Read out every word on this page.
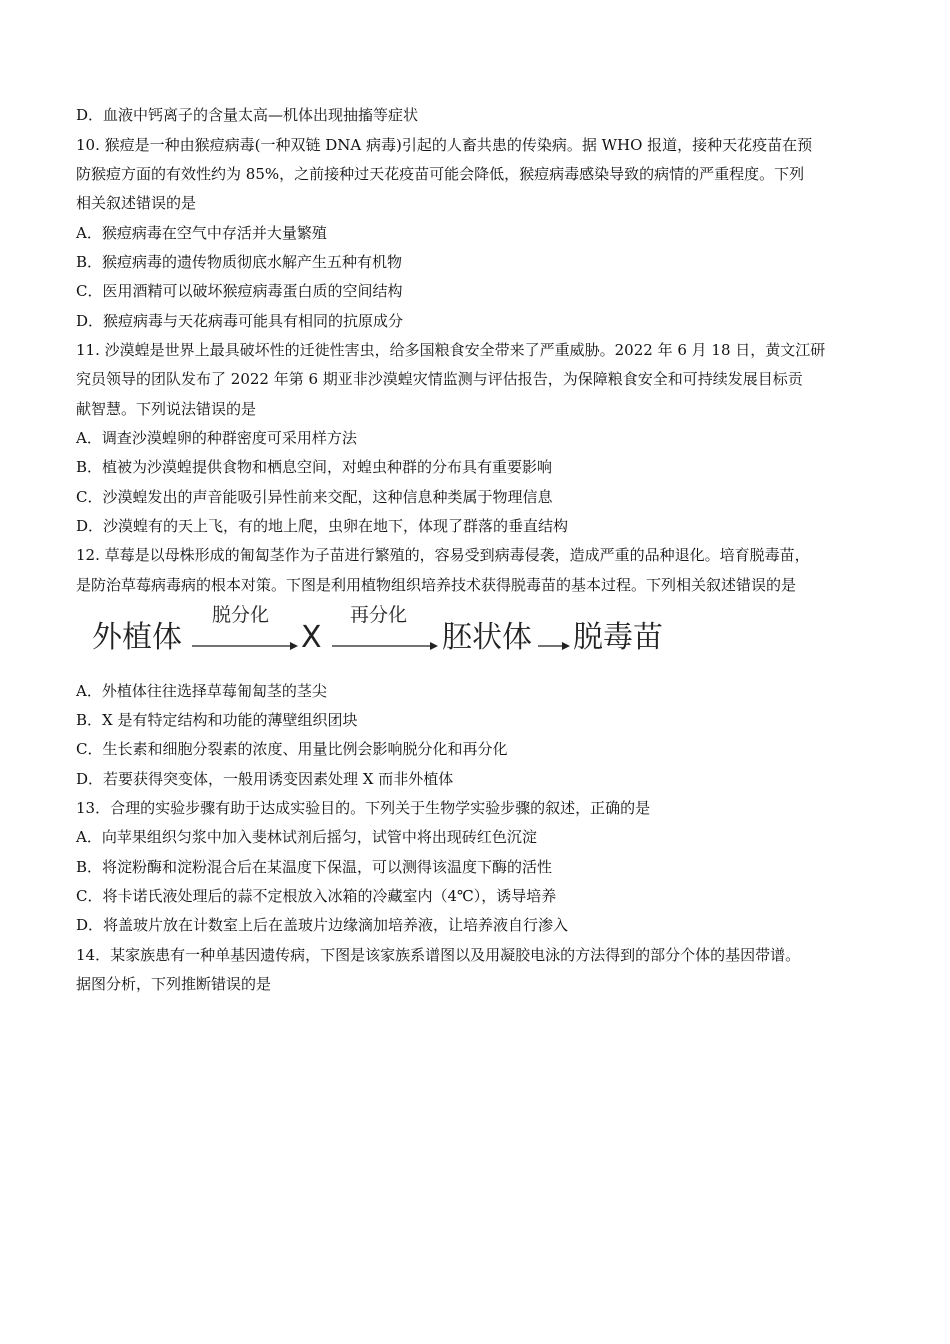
D．血液中钙离子的含量太高—机体出现抽搐等症状
10. 猴痘是一种由猴痘病毒(一种双链 DNA 病毒)引起的人畜共患的传染病。据 WHO 报道，接种天花疫苗在预
防猴痘方面的有效性约为 85%，之前接种过天花疫苗可能会降低，猴痘病毒感染导致的病情的严重程度。下列
相关叙述错误的是
A．猴痘病毒在空气中存活并大量繁殖
B．猴痘病毒的遗传物质彻底水解产生五种有机物
C．医用酒精可以破坏猴痘病毒蛋白质的空间结构
D．猴痘病毒与天花病毒可能具有相同的抗原成分
11. 沙漠蝗是世界上最具破坏性的迁徙性害虫，给多国粮食安全带来了严重威胁。2022 年 6 月 18 日，黄文江研
究员领导的团队发布了 2022 年第 6 期亚非沙漠蝗灾情监测与评估报告，为保障粮食安全和可持续发展目标贡
献智慧。下列说法错误的是
A．调查沙漠蝗卵的种群密度可采用样方法
B．植被为沙漠蝗提供食物和栖息空间，对蝗虫种群的分布具有重要影响
C．沙漠蝗发出的声音能吸引异性前来交配，这种信息种类属于物理信息
D．沙漠蝗有的天上飞，有的地上爬，虫卵在地下，体现了群落的垂直结构
12. 草莓是以母株形成的匍匐茎作为子苗进行繁殖的，容易受到病毒侵袭，造成严重的品种退化。培育脱毒苗，
是防治草莓病毒病的根本对策。下图是利用植物组织培养技术获得脱毒苗的基本过程。下列相关叙述错误的是
外植体
脱分化
X
再分化
胚状体 脱毒苗
A．外植体往往选择草莓匍匐茎的茎尖
B．X 是有特定结构和功能的薄壁组织团块
C．生长素和细胞分裂素的浓度、用量比例会影响脱分化和再分化
D．若要获得突变体，一般用诱变因素处理 X 而非外植体
13．合理的实验步骤有助于达成实验目的。下列关于生物学实验步骤的叙述，正确的是
A．向苹果组织匀浆中加入斐林试剂后摇匀，试管中将出现砖红色沉淀
B．将淀粉酶和淀粉混合后在某温度下保温，可以测得该温度下酶的活性
C．将卡诺氏液处理后的蒜不定根放入冰箱的冷藏室内（4℃），诱导培养
D．将盖玻片放在计数室上后在盖玻片边缘滴加培养液，让培养液自行渗入
14．某家族患有一种单基因遗传病，下图是该家族系谱图以及用凝胶电泳的方法得到的部分个体的基因带谱。
据图分析，下列推断错误的是
